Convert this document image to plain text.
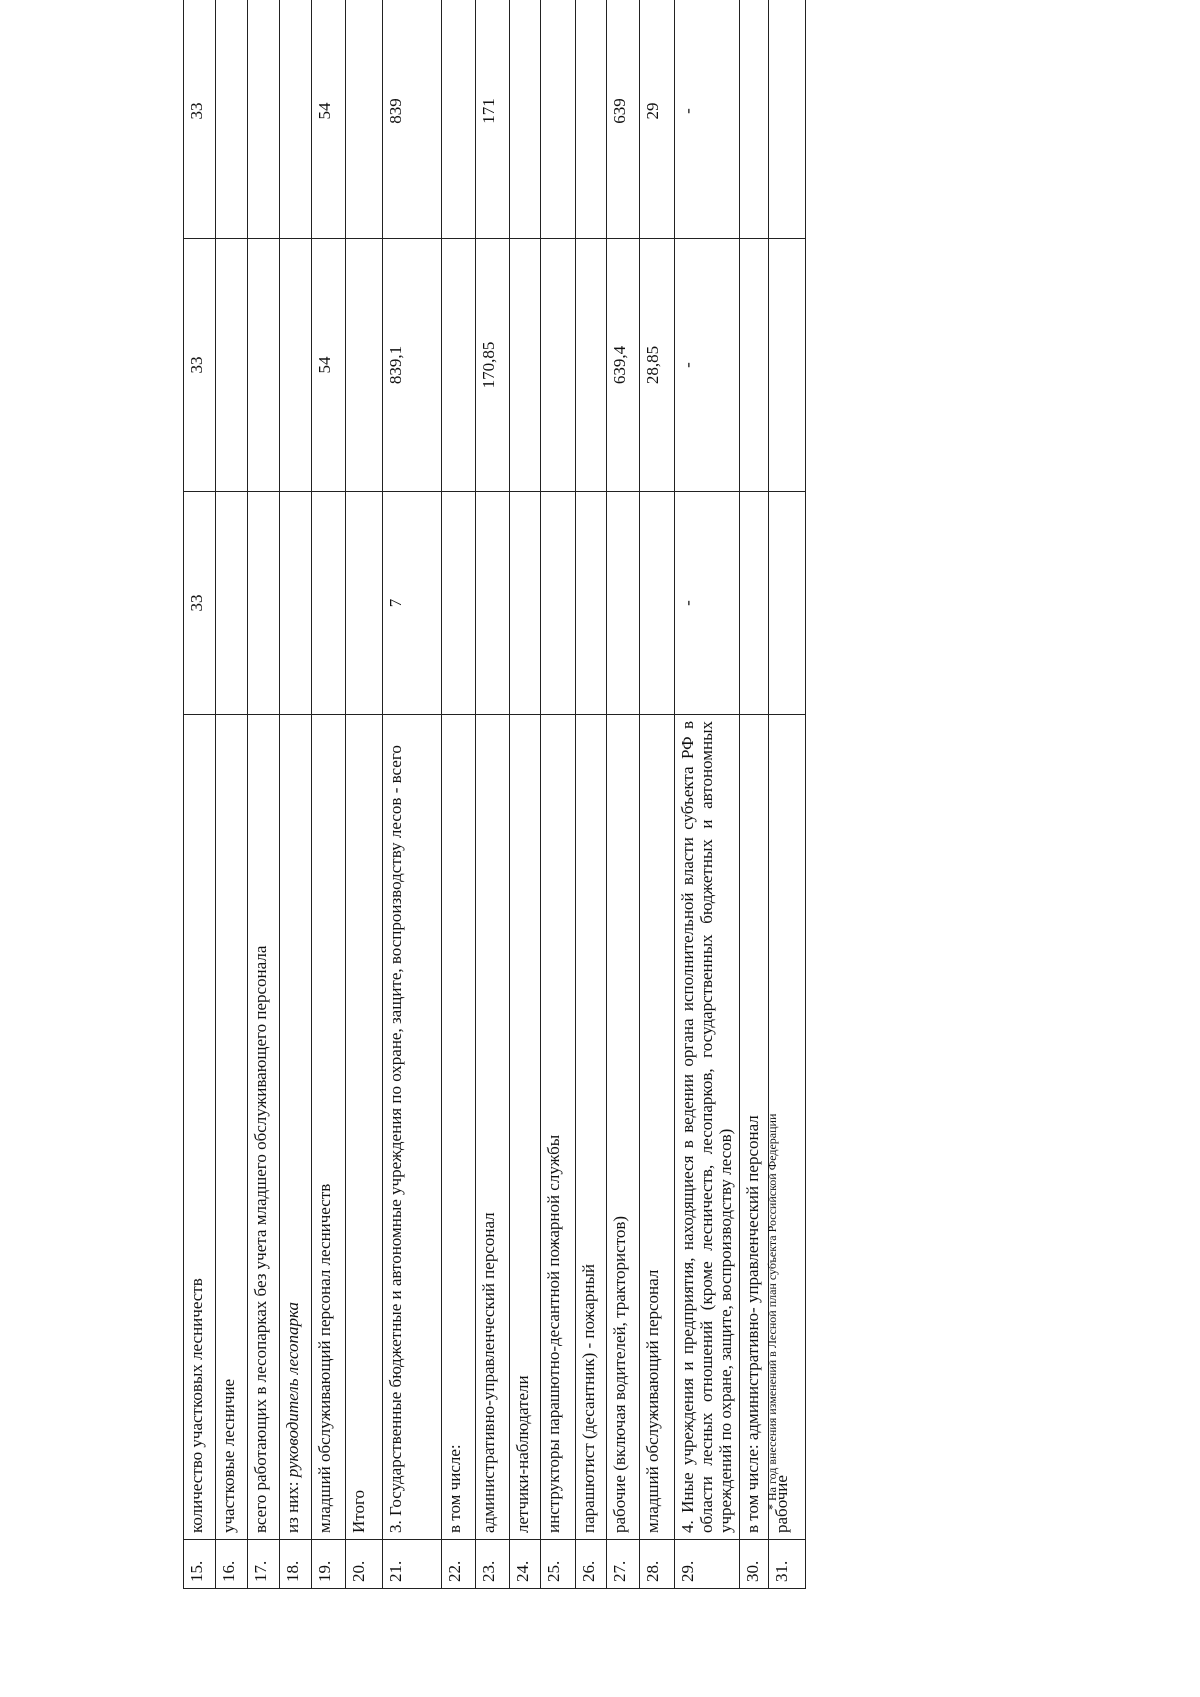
15.	количество участковых лесничеств	33	33	33
16.	участковые лесничие			
17.	всего работающих в лесопарках без учета младшего обслуживающего персонала			
18.	из них: руководитель лесопарка			
19.	младший обслуживающий персонал лесничеств		54	54
20.	Итого			
21.	3. Государственные бюджетные и автономные учреждения по охране, защите, воспроизводству лесов - всего	7	839,1	839
22.	в том числе:			
23.	административно-управленческий персонал		170,85	171
24.	летчики-наблюдатели			
25.	инструкторы парашютно-десантной пожарной службы			
26.	парашютист (десантник) - пожарный			
27.	рабочие (включая водителей, трактористов)		639,4	639
28.	младший обслуживающий персонал		28,85	29
29.	4. Иные учреждения и предприятия, находящиеся в ведении органа исполнительной власти субъекта РФ в области лесных отношений (кроме лесничеств, лесопарков, государственных бюджетных и автономных учреждений по охране, защите, воспроизводству лесов)	-	-	-
30.	в том числе: административно- управленческий персонал			
31.	рабочие			
* На год внесения изменений в Лесной план субъекта Российской Федерации
